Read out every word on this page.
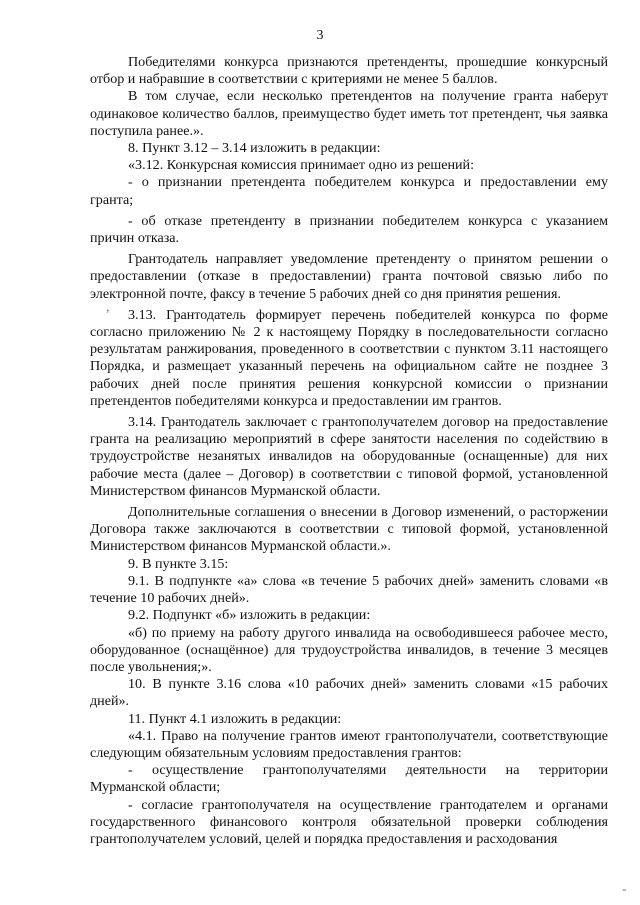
3

Победителями конкурса признаются претенденты, прошедшие конкурсный отбор и набравшие в соответствии с критериями не менее 5 баллов.

В том случае, если несколько претендентов на получение гранта наберут одинаковое количество баллов, преимущество будет иметь тот претендент, чья заявка поступила ранее.».

8. Пункт 3.12 – 3.14 изложить в редакции:

«3.12. Конкурсная комиссия принимает одно из решений:

- о признании претендента победителем конкурса и предоставлении ему гранта;

- об отказе претенденту в признании победителем конкурса с указанием причин отказа.

Грантодатель направляет уведомление претенденту о принятом решении о предоставлении (отказе в предоставлении) гранта почтовой связью либо по электронной почте, факсу в течение 5 рабочих дней со дня принятия решения.

3.13. Грантодатель формирует перечень победителей конкурса по форме согласно приложению № 2 к настоящему Порядку в последовательности согласно результатам ранжирования, проведенного в соответствии с пунктом 3.11 настоящего Порядка, и размещает указанный перечень на официальном сайте не позднее 3 рабочих дней после принятия решения конкурсной комиссии о признании претендентов победителями конкурса и предоставлении им грантов.

3.14. Грантодатель заключает с грантополучателем договор на предоставление гранта на реализацию мероприятий в сфере занятости населения по содействию в трудоустройстве незанятых инвалидов на оборудованные (оснащенные) для них рабочие места (далее – Договор) в соответствии с типовой формой, установленной Министерством финансов Мурманской области.

Дополнительные соглашения о внесении в Договор изменений, о расторжении Договора также заключаются в соответствии с типовой формой, установленной Министерством финансов Мурманской области.».

9. В пункте 3.15:

9.1. В подпункте «а» слова «в течение 5 рабочих дней» заменить словами «в течение 10 рабочих дней».

9.2. Подпункт «б» изложить в редакции:

«б) по приему на работу другого инвалида на освободившееся рабочее место, оборудованное (оснащённое) для трудоустройства инвалидов, в течение 3 месяцев после увольнения;».

10. В пункте 3.16 слова «10 рабочих дней» заменить словами «15 рабочих дней».

11. Пункт 4.1 изложить в редакции:

«4.1. Право на получение грантов имеют грантополучатели, соответствующие следующим обязательным условиям предоставления грантов:

- осуществление грантополучателями деятельности на территории Мурманской области;

- согласие грантополучателя на осуществление грантодателем и органами государственного финансового контроля обязательной проверки соблюдения грантополучателем условий, целей и порядка предоставления и расходования

,
-
